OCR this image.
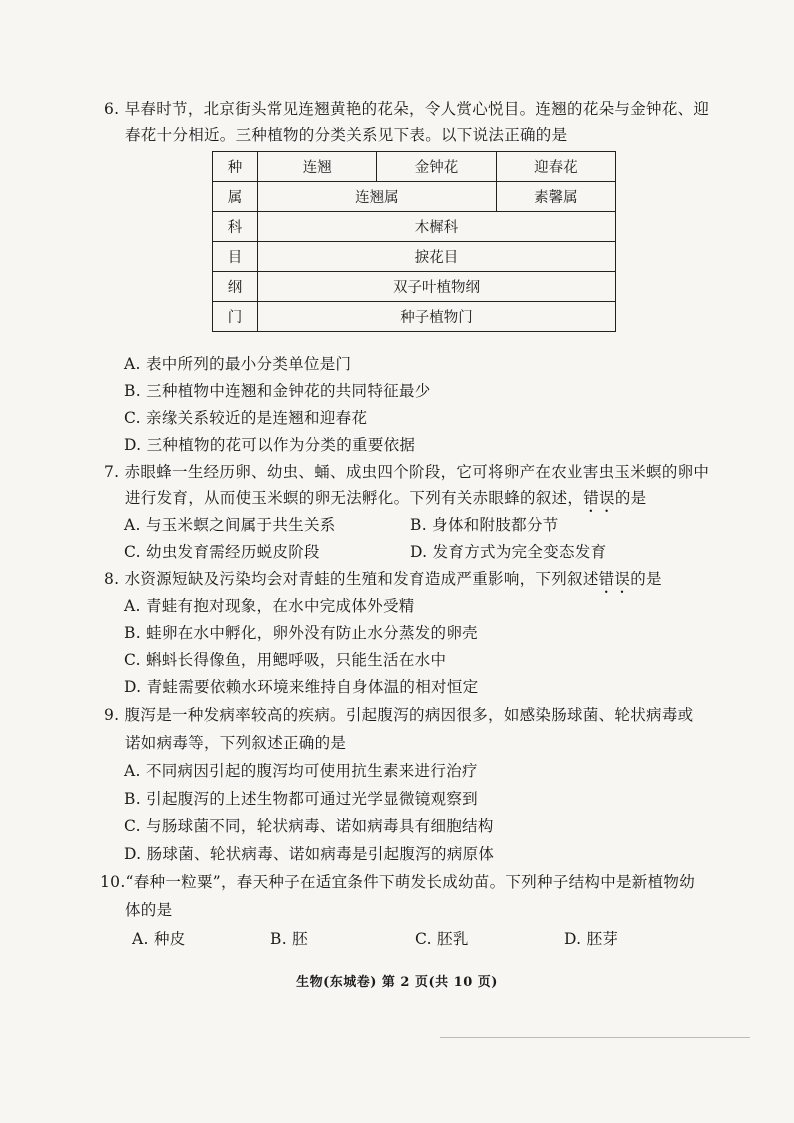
6. 早春时节，北京街头常见连翘黄艳的花朵，令人赏心悦目。连翘的花朵与金钟花、迎
春花十分相近。三种植物的分类关系见下表。以下说法正确的是
种	连翘	金钟花	迎春花
属	连翘属		素馨属
科	木樨科		
目	捩花目		
纲	双子叶植物纲		
门	种子植物门		
A. 表中所列的最小分类单位是门
B. 三种植物中连翘和金钟花的共同特征最少
C. 亲缘关系较近的是连翘和迎春花
D. 三种植物的花可以作为分类的重要依据
7. 赤眼蜂一生经历卵、幼虫、蛹、成虫四个阶段，它可将卵产在农业害虫玉米螟的卵中
进行发育，从而使玉米螟的卵无法孵化。下列有关赤眼蜂的叙述，错误的是
A. 与玉米螟之间属于共生关系	B. 身体和附肢都分节
C. 幼虫发育需经历蜕皮阶段	D. 发育方式为完全变态发育
8. 水资源短缺及污染均会对青蛙的生殖和发育造成严重影响，下列叙述错误的是
A. 青蛙有抱对现象，在水中完成体外受精
B. 蛙卵在水中孵化，卵外没有防止水分蒸发的卵壳
C. 蝌蚪长得像鱼，用鳃呼吸，只能生活在水中
D. 青蛙需要依赖水环境来维持自身体温的相对恒定
9. 腹泻是一种发病率较高的疾病。引起腹泻的病因很多，如感染肠球菌、轮状病毒或
诺如病毒等，下列叙述正确的是
A. 不同病因引起的腹泻均可使用抗生素来进行治疗
B. 引起腹泻的上述生物都可通过光学显微镜观察到
C. 与肠球菌不同，轮状病毒、诺如病毒具有细胞结构
D. 肠球菌、轮状病毒、诺如病毒是引起腹泻的病原体
10.“春种一粒粟”，春天种子在适宜条件下萌发长成幼苗。下列种子结构中是新植物幼
体的是
A. 种皮	B. 胚	C. 胚乳	D. 胚芽
生物(东城卷) 第 2 页(共 10 页)
